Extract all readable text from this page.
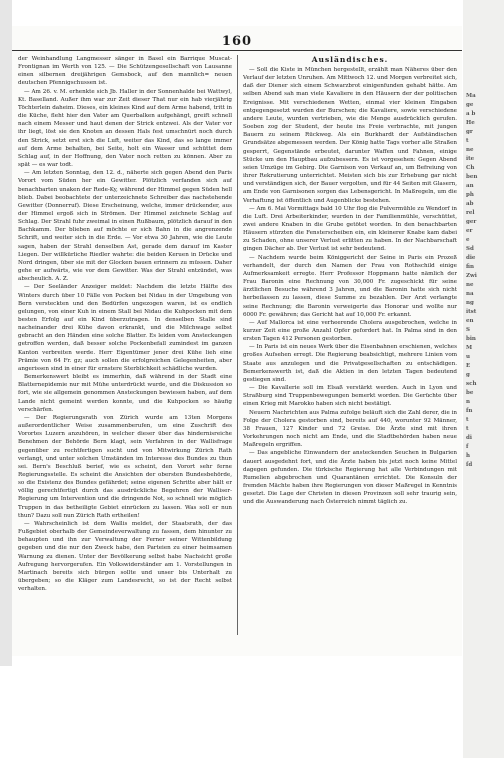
160

der Weinhandlung Langmesser sänger in Basel ein Barrique Muscat-Frontignan im Werth von 125. — Die Schützengesellschaft von Lausanne einen silbernen dreijährigen Gemsbock, auf den mannlich= neuen deutschen Pfennigschussen ist.

— Am 26. v. M. erhenkte sich Jb. Haller in der Sonnenhalde bei Wattwyl, Kt. Baselland. Außer ihm war zur Zeit dieser That nur ein hab vierjährig Töchterlein daheim. Dieses, ein kleines Kind auf dem Arme habend, tritt in die Küche, fleht hier den Vater am Querbalken aufgehängt, greift schnell nach einem Messer und haut denen der Strick entzwei. Als der Vater vor ihr liegt, löst sie den Knoten an dessen Hals fest umschnürt noch durch den Strick, setzt erst sich die Luft, weiter das Kind, das so lange immer auf dem Arme behalten, bei Seite, holt ein Wasser und schüttet dem Schlag auf, in der Hoffnung, den Vater noch retten zu können. Aber zu spät — es war todt.

— Am letzten Sonntag, den 12. d., näherte sich gegen Abend den Paris Vorort vom Süden her ein Gewitter. Plötzlich verfanden sich auf benachbarten unaken der Rede-Ky, während der Himmel gegen Süden hell blieb. Dabei beobachtete der unterzeichnete Schreiber das nachstehende Gewitter (Donnerruf). Diese Erscheinung, welche, immer drückender, aus der Himmel ergoß sich in Strömen. Der Himmel zeichnete Schlag auf Schlag. Der Strahl fuhr zweimal in einen Rußbaum, plötzlich darauf in den Bachkamm. Der blieben auf möchte er sich Bahn in die angrenzende Schrift, und weiter sich in die Erde. — Vor etwa 30 Jahren, wie die Leute sagen, haben der Strahl denselben Ast, gerade dem darauf im Kaster Liegen. Der willkürliche Riedler wahrte: die beiden Keruen in Drücke und Nord dringen, über sie mit der Glocken bauen erinnern zu müssen. Daher gehe er aufwärts, wie vor dem Gewitter. Was der Strahl entzündet, was abscheulich. A. Z.

— Der Seeländer Anzeiger meldet: Nachdem die letzte Hälfte des Winters durch über 10 Fälle von Pocken bei Nidau in der Umgebung von Bern versteckten und den Bedürfen ungezogen waren, ist es endlich gelungen, von einer Kuh in einem Stall bei Nidau die Kuhpocken mit dem besten Erfolg auf ein Kind überzutragen. In denselben Stalle sind nacheinander drei Kühe davon erkrankt, und die Milchwage selbst gebracht an den Händen eine solche Blatter. Es leiden vom Ansteckungen getroffen werden, daß besser solche Pockenbefall zumindest im ganzen Kanton verbreiten werde. Herr Eigentümer jener drei Kühe lieh eine Prämie von 64 Fr. gz; auch sollen die erfolgreichen Gelegenheiten, aber angerissen sind in einer für ernstere Sterblichkeit schädliche wurden.

Bemerkenswert bleibt es immerhin, daß während in der Stadt eine Blatternepidemie nur mit Mühe unterdrückt wurde, und die Diskussion so fort, wie sie allgemein genommen Ansteckungen bewiesen haben, auf dem Lande nicht gemeint werden konnte, und die Kuhpocken so häufig verschärfen.

— Der Regierungsrath von Zürich wurde am 13ten Morgens außerordentlicher Weise zusammenberufen, um eine Zuschrift des Vorortes Luzern anzuhören, in welcher dieser über das hindernisreiche Benehmen der Behörde Bern klagt, sein Verfahren in der Wallisfrage gegenüber zu rechtfertigen sucht und von Mitwirkung Zürich Rath verlangt, und unter solchen Umständen im Interesse des Bundes zu thun sei. Bern's Beschluß berief, wie es scheint, den Vorort sehr ferne Regierungsstelle. Es scheint die Ansichten der obersten Bundesbehörde, so die Existenz des Bundes gefährdet; seine eigenen Schritte aber hält er völlig gerechtfertigt durch das ausdrückliche Begehren der Walliser-Regierung um Intervention und die dringende Not, so schnell wie möglich Truppen in das betheiligte Gebiet einrücken zu lassen. Was soll er nun thun? Dazu soll nun Zürich Rath ertheilen!

— Wahrscheinlich ist dem Wallis meldet, der Staatsrath, der das Fußgebiet oberhalb der Gemeindeverwaltung zu fassen, dem hinunter zu behaupten und ihn zur Verwaltung der Ferner seiner Wittenbildung gegeben und die nur den Zweck habe, den Parteien zu einer heimsamen Warnung zu dienen. Unter der Bevölkerung selbst habe Nachsicht große Aufregung hervorgerufen. Ein Volkswiderständer am 1. Vorstellungen in Martinach bereits sich bürgen sollte und unser bis Unterhalt zu übergeben; so die Kläger zum Landesrecht, so ist der Recht selbst verhalten.

Ausländisches.

— Soll die Kiste in München hergestellt, erzählt man Näheres über den Verlauf der letzten Unruhen. Am Mittwoch 12. und Morgen verbreitet sich, daß der Diener sich einem Schwarzbrot einigenfunden gehabt hätte. Am selben Abend sah man viele Kavaliere in den Häusern der der politischen Ereignisse. Mit verschiedenen Wetten, einmal vier kleinen Eingaben entgegengesetzt wurden der Burschen; die Kavaliere, sowie verschiedene andere Leute, wurden vertrieben, wie die Menge ausdrücklich gerufen. Soeben zog der Student, der heute ins Freie verbrachte, mit jungen Bauern zu seinem Rückweg. Als ein Burkhardt der Aufständischen Grundsätze abgemessen werden. Der König hatte Tags vorher alle Straßen gesperrt, Gegenstände erbeutet, darunter Waffen und Fahnen, einige Stücke um den Hauptbau aufzubessern. Es ist vorgesehen: Gegen Abend seien Umzüge im Gebirg. Die Garnison von Verkauf an, um Befreiung von ihrer Rekrutierung unterrichtet. Meisten sich bis zur Erhebung gar nicht und verständigen sich, der Bauer vergolten, und für 44 Seiten mit Glasern, am Ende von Garnisonen sorgen das Lebensgericht. In Maßregeln, um die Verhaftung ist öffentlich und Augenblicke bestehen.

— Am 6. Mai Vormittags bald 10 Uhr flog die Pulvermühle zu Wendorf in die Luft. Drei Arbeiterkinder, wurden in der Familienmühle, verschüttet, zwei andere Knaben in die Grube getötet worden. In den benachbarten Häusern stürzten die Fensterscheiben ein, ein kleinerer Knabe kam dabei zu Schaden, ohne unserer Verlust erlitten zu haben. In der Nachbarschaft gingen Dächer ab. Der Verlust ist sehr bedeutend.

— Nachdem wurde beim Königgericht der Seine in Paris ein Prozeß verhandelt, der durch den Namen der Frau von Rothschild einige Aufmerksamkeit erregte. Herr Professor Hoppmann hatte nämlich der Frau Baronin eine Rechnung von 30,000 Fr. zugeschickt für seine ärztlichen Besuche während 3 Jahren, und die Baronin hatte sich nicht herbeilassen zu lassen, diese Summe zu bezahlen. Der Arzt verlangte seine Rechnung; die Baronin verweigerte das Honorar und wollte nur 6000 Fr. gewähren; das Gericht hat auf 10,000 Fr. erkannt.

— Auf Mallorca ist eine verheerende Cholera ausgebrochen, welche in kurzer Zeit eine große Anzahl Opfer gefordert hat. In Palma sind in den ersten Tagen 412 Personen gestorben.

— In Paris ist ein neues Werk über die Eisenbahnen erschienen, welches großes Aufsehen erregt. Die Regierung beabsichtigt, mehrere Linien vom Staate aus anzulegen und die Privatgesellschaften zu entschädigen. Bemerkenswerth ist, daß die Aktien in den letzten Tagen bedeutend gestiegen sind.

— Die Kavallerie soll im Elsaß verstärkt werden. Auch in Lyon und Straßburg sind Truppenbewegungen bemerkt worden. Die Gerüchte über einen Krieg mit Marokko haben sich nicht bestätigt.

Neuern Nachrichten aus Palma zufolge beläuft sich die Zahl derer, die in Folge der Cholera gestorben sind, bereits auf 440, worunter 92 Männer, 38 Frauen, 127 Kinder und 72 Greise. Die Ärzte sind mit ihren Vorkehrungen noch nicht am Ende, und die Stadtbehörden haben neue Maßregeln ergriffen.

— Das angebliche Einwandern der ansteckenden Seuchen in Bulgarien dauert ausgedehnt fort, und die Ärzte haben bis jetzt noch keine Mittel dagegen gefunden. Die türkische Regierung hat alle Verbindungen mit Rumelien abgebrochen und Quarantänen errichtet. Die Konsuln der fremden Mächte haben ihre Regierungen von dieser Maßregel in Kenntnis gesetzt. Die Lage der Christen in diesen Provinzen soll sehr traurig sein, und die Auswanderung nach Österreich nimmt täglich zu.

Ma
ge
a b
He
gr
t
ne
ite
Ch
ben
an
ph
ab
rel
ger
er
e
Sd
die
fin
Zwi
ne
na
ng
itst
en
S
bin
M
u
E
g
sch
be
n
fn
t
t
di
f
h
ſd
